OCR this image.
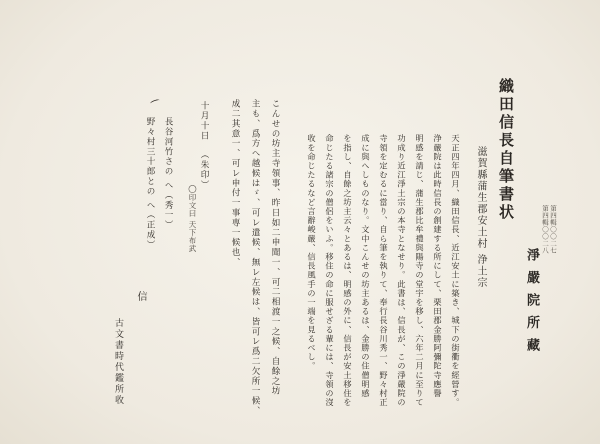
織田信長自筆書状
第四輯〇〇二八 第四輯〇〇二七
滋賀縣蒲生郡安土村 浄土宗
淨 嚴 院 所 藏
天正四年四月、織田信長、近江安土に築き、城下の街衢を經營す。
浄嚴院は此時信長の創建する所にして、栗田郡金勝阿彌陀寺應譽
明感を請じ、蒲生郡比牟禮與陽寺の堂宇を移し、六年二月に至りて
功成り近江淨土宗の本寺となせり。此書は、信長が、この淨嚴院の
寺領を定むるに當り、自ら筆を執りて、奉行長谷川秀一、野々村正
成に與へしものなり。文中こんせの坊主あるは、金勝の住僧明感
を指し、自餘之坊主云々とあるは、明感の外に、信長が安土移住を
命じたる諸宗の僧侶をいふ。移住の命に服せざる輩には、寺領の沒
收を命じたるなど言辭峻嚴、信長風手の一端を見るべし。
こんせの坊主寺領事、昨日如二申聞一、可二相渡一之候、自餘之坊
主も、爲方へ越候はゞ、可レ遣候、無レ左候は、皆可レ爲二欠所一候、
成二其意一、可レ申付一事専一候也、
十月十日
（朱印）
◯印文曰 天下布武
長谷河竹さの へ（秀一）
野々村三十郎との へ（正成）
信
古文書時代鑑所收
